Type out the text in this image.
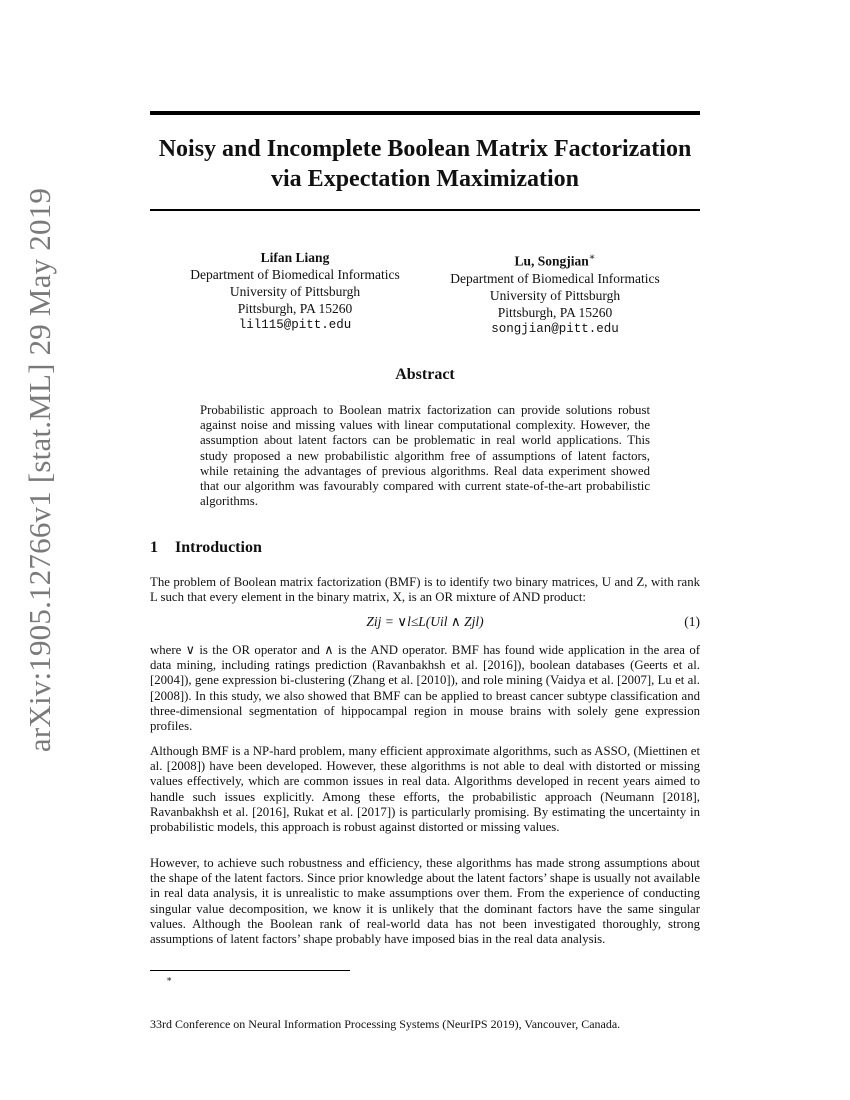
arXiv:1905.12766v1 [stat.ML] 29 May 2019
Noisy and Incomplete Boolean Matrix Factorization
via Expectation Maximization
Lifan Liang
Department of Biomedical Informatics
University of Pittsburgh
Pittsburgh, PA 15260
lil115@pitt.edu
Lu, Songjian∗
Department of Biomedical Informatics
University of Pittsburgh
Pittsburgh, PA 15260
songjian@pitt.edu
Abstract
Probabilistic approach to Boolean matrix factorization can provide solutions robust against noise and missing values with linear computational complexity. However, the assumption about latent factors can be problematic in real world applications. This study proposed a new probabilistic algorithm free of assumptions of latent factors, while retaining the advantages of previous algorithms. Real data experiment showed that our algorithm was favourably compared with current state-of-the-art probabilistic algorithms.
1 Introduction

The problem of Boolean matrix factorization (BMF) is to identify two binary matrices, U and Z, with rank L such that every element in the binary matrix, X, is an OR mixture of AND product:

Zij = ∨l≤L(Uil ∧ Zjl)	(1)

where ∨ is the OR operator and ∧ is the AND operator. BMF has found wide application in the area of data mining, including ratings prediction (Ravanbakhsh et al. [2016]), boolean databases (Geerts et al. [2004]), gene expression bi-clustering (Zhang et al. [2010]), and role mining (Vaidya et al. [2007], Lu et al. [2008]). In this study, we also showed that BMF can be applied to breast cancer subtype classification and three-dimensional segmentation of hippocampal region in mouse brains with solely gene expression profiles.

Although BMF is a NP-hard problem, many efficient approximate algorithms, such as ASSO, (Miettinen et al. [2008]) have been developed. However, these algorithms is not able to deal with distorted or missing values effectively, which are common issues in real data. Algorithms developed in recent years aimed to handle such issues explicitly. Among these efforts, the probabilistic approach (Neumann [2018], Ravanbakhsh et al. [2016], Rukat et al. [2017]) is particularly promising. By estimating the uncertainty in probabilistic models, this approach is robust against distorted or missing values.

However, to achieve such robustness and efficiency, these algorithms has made strong assumptions about the shape of the latent factors. Since prior knowledge about the latent factors’ shape is usually not available in real data analysis, it is unrealistic to make assumptions over them. From the experience of conducting singular value decomposition, we know it is unlikely that the dominant factors have the same singular values. Although the Boolean rank of real-world data has not been investigated thoroughly, strong assumptions of latent factors’ shape probably have imposed bias in the real data analysis.

∗
33rd Conference on Neural Information Processing Systems (NeurIPS 2019), Vancouver, Canada.
